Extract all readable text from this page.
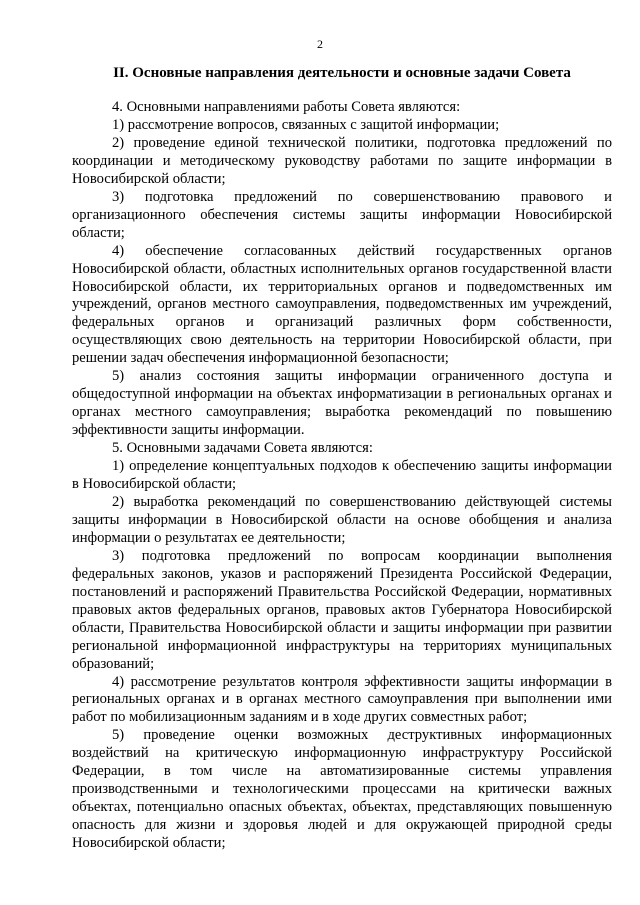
2
II. Основные направления деятельности и основные задачи Совета

4. Основными направлениями работы Совета являются:

1) рассмотрение вопросов, связанных с защитой информации;

2) проведение единой технической политики, подготовка предложений по координации и методическому руководству работами по защите информации в Новосибирской области;

3) подготовка предложений по совершенствованию правового и организационного обеспечения системы защиты информации Новосибирской области;

4) обеспечение согласованных действий государственных органов Новосибирской области, областных исполнительных органов государственной власти Новосибирской области, их территориальных органов и подведомственных им учреждений, органов местного самоуправления, подведомственных им учреждений, федеральных органов и организаций различных форм собственности, осуществляющих свою деятельность на территории Новосибирской области, при решении задач обеспечения информационной безопасности;

5) анализ состояния защиты информации ограниченного доступа и общедоступной информации на объектах информатизации в региональных органах и органах местного самоуправления; выработка рекомендаций по повышению эффективности защиты информации.

5. Основными задачами Совета являются:

1) определение концептуальных подходов к обеспечению защиты информации в Новосибирской области;

2) выработка рекомендаций по совершенствованию действующей системы защиты информации в Новосибирской области на основе обобщения и анализа информации о результатах ее деятельности;

3) подготовка предложений по вопросам координации выполнения федеральных законов, указов и распоряжений Президента Российской Федерации, постановлений и распоряжений Правительства Российской Федерации, нормативных правовых актов федеральных органов, правовых актов Губернатора Новосибирской области, Правительства Новосибирской области и защиты информации при развитии региональной информационной инфраструктуры на территориях муниципальных образований;

4) рассмотрение результатов контроля эффективности защиты информации в региональных органах и в органах местного самоуправления при выполнении ими работ по мобилизационным заданиям и в ходе других совместных работ;

5) проведение оценки возможных деструктивных информационных воздействий на критическую информационную инфраструктуру Российской Федерации, в том числе на автоматизированные системы управления производственными и технологическими процессами на критически важных объектах, потенциально опасных объектах, объектах, представляющих повышенную опасность для жизни и здоровья людей и для окружающей природной среды Новосибирской области;
